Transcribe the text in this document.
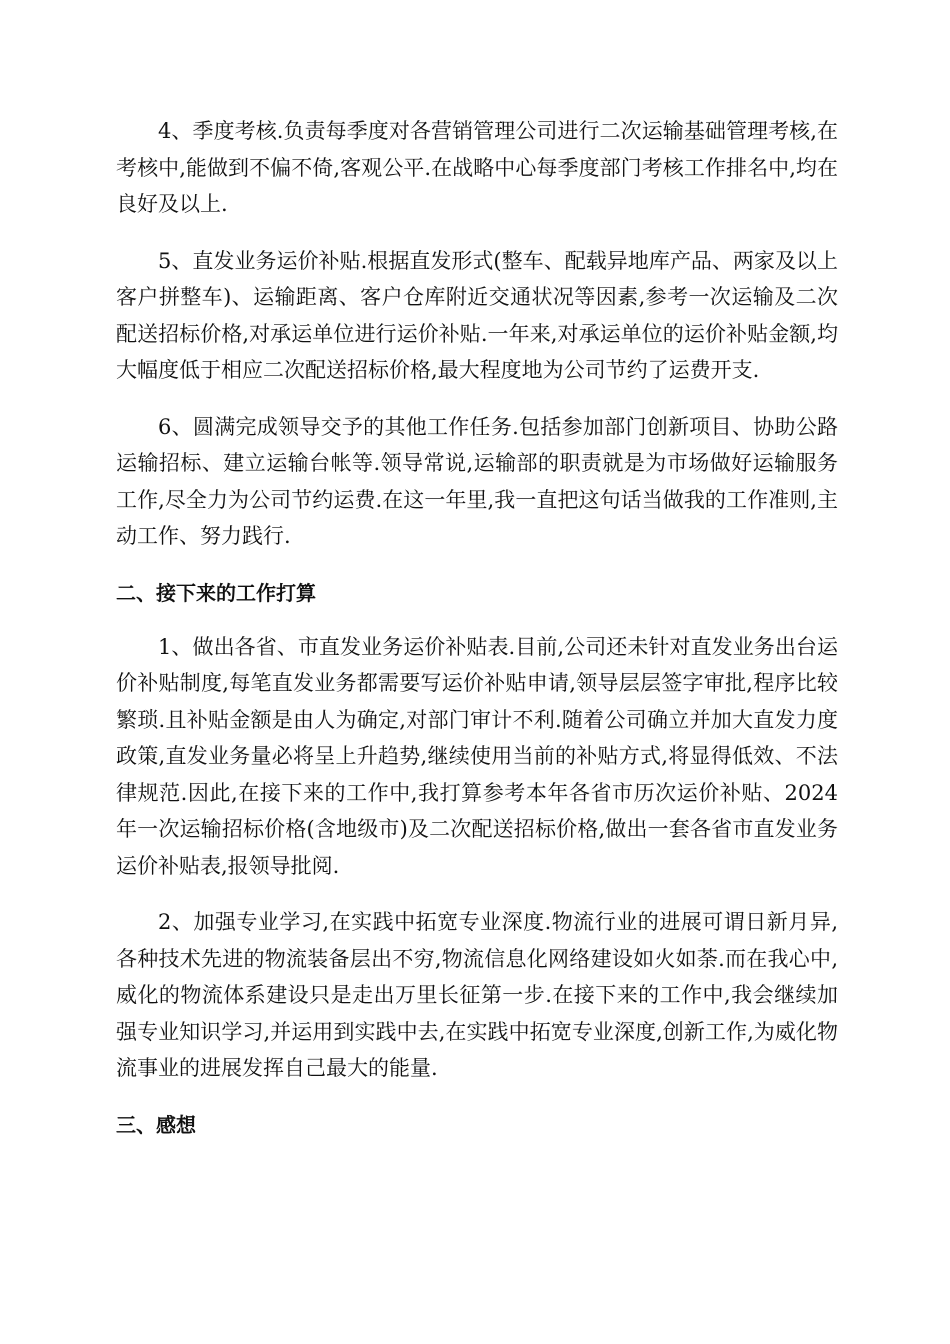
4、季度考核.负责每季度对各营销管理公司进行二次运输基础管理考核,在考核中,能做到不偏不倚,客观公平.在战略中心每季度部门考核工作排名中,均在良好及以上.

5、直发业务运价补贴.根据直发形式(整车、配载异地库产品、两家及以上客户拼整车)、运输距离、客户仓库附近交通状况等因素,参考一次运输及二次配送招标价格,对承运单位进行运价补贴.一年来,对承运单位的运价补贴金额,均大幅度低于相应二次配送招标价格,最大程度地为公司节约了运费开支.

6、圆满完成领导交予的其他工作任务.包括参加部门创新项目、协助公路运输招标、建立运输台帐等.领导常说,运输部的职责就是为市场做好运输服务工作,尽全力为公司节约运费.在这一年里,我一直把这句话当做我的工作准则,主动工作、努力践行.

二、接下来的工作打算

1、做出各省、市直发业务运价补贴表.目前,公司还未针对直发业务出台运价补贴制度,每笔直发业务都需要写运价补贴申请,领导层层签字审批,程序比较繁琐.且补贴金额是由人为确定,对部门审计不利.随着公司确立并加大直发力度政策,直发业务量必将呈上升趋势,继续使用当前的补贴方式,将显得低效、不法律规范.因此,在接下来的工作中,我打算参考本年各省市历次运价补贴、2024年一次运输招标价格(含地级市)及二次配送招标价格,做出一套各省市直发业务运价补贴表,报领导批阅.

2、加强专业学习,在实践中拓宽专业深度.物流行业的进展可谓日新月异,各种技术先进的物流装备层出不穷,物流信息化网络建设如火如荼.而在我心中,威化的物流体系建设只是走出万里长征第一步.在接下来的工作中,我会继续加强专业知识学习,并运用到实践中去,在实践中拓宽专业深度,创新工作,为威化物流事业的进展发挥自己最大的能量.

三、感想
